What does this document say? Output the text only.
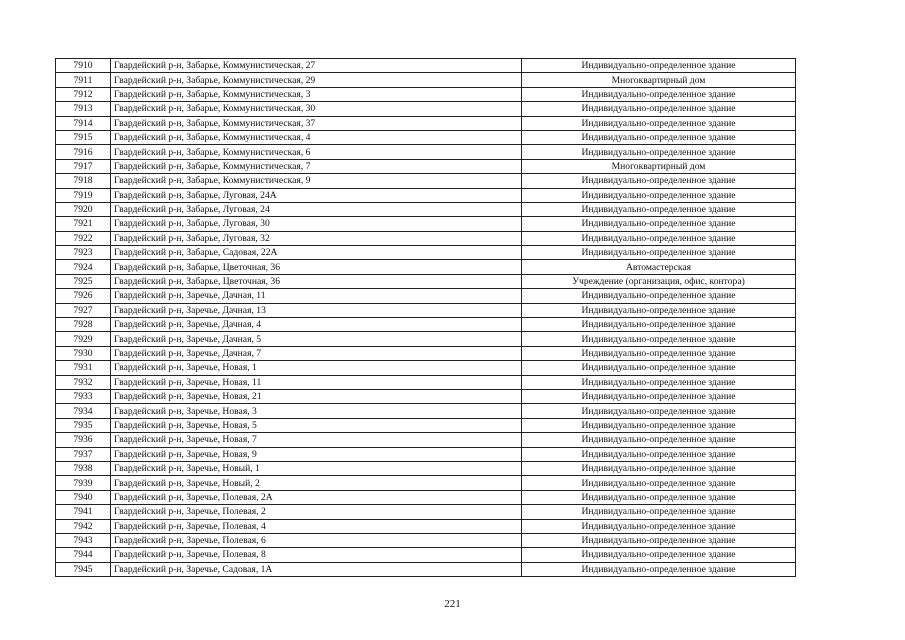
7910	Гвардейский р-н, Забарье, Коммунистическая, 27	Индивидуально-определенное здание
7911	Гвардейский р-н, Забарье, Коммунистическая, 29	Многоквартирный дом
7912	Гвардейский р-н, Забарье, Коммунистическая, 3	Индивидуально-определенное здание
7913	Гвардейский р-н, Забарье, Коммунистическая, 30	Индивидуально-определенное здание
7914	Гвардейский р-н, Забарье, Коммунистическая, 37	Индивидуально-определенное здание
7915	Гвардейский р-н, Забарье, Коммунистическая, 4	Индивидуально-определенное здание
7916	Гвардейский р-н, Забарье, Коммунистическая, 6	Индивидуально-определенное здание
7917	Гвардейский р-н, Забарье, Коммунистическая, 7	Многоквартирный дом
7918	Гвардейский р-н, Забарье, Коммунистическая, 9	Индивидуально-определенное здание
7919	Гвардейский р-н, Забарье, Луговая, 24А	Индивидуально-определенное здание
7920	Гвардейский р-н, Забарье, Луговая, 24	Индивидуально-определенное здание
7921	Гвардейский р-н, Забарье, Луговая, 30	Индивидуально-определенное здание
7922	Гвардейский р-н, Забарье, Луговая, 32	Индивидуально-определенное здание
7923	Гвардейский р-н, Забарье, Садовая, 22А	Индивидуально-определенное здание
7924	Гвардейский р-н, Забарье, Цветочная, 36	Автомастерская
7925	Гвардейский р-н, Забарье, Цветочная, 36	Учреждение (организация, офис, контора)
7926	Гвардейский р-н, Заречье, Дачная, 11	Индивидуально-определенное здание
7927	Гвардейский р-н, Заречье, Дачная, 13	Индивидуально-определенное здание
7928	Гвардейский р-н, Заречье, Дачная, 4	Индивидуально-определенное здание
7929	Гвардейский р-н, Заречье, Дачная, 5	Индивидуально-определенное здание
7930	Гвардейский р-н, Заречье, Дачная, 7	Индивидуально-определенное здание
7931	Гвардейский р-н, Заречье, Новая, 1	Индивидуально-определенное здание
7932	Гвардейский р-н, Заречье, Новая, 11	Индивидуально-определенное здание
7933	Гвардейский р-н, Заречье, Новая, 21	Индивидуально-определенное здание
7934	Гвардейский р-н, Заречье, Новая, 3	Индивидуально-определенное здание
7935	Гвардейский р-н, Заречье, Новая, 5	Индивидуально-определенное здание
7936	Гвардейский р-н, Заречье, Новая, 7	Индивидуально-определенное здание
7937	Гвардейский р-н, Заречье, Новая, 9	Индивидуально-определенное здание
7938	Гвардейский р-н, Заречье, Новый, 1	Индивидуально-определенное здание
7939	Гвардейский р-н, Заречье, Новый, 2	Индивидуально-определенное здание
7940	Гвардейский р-н, Заречье, Полевая, 2А	Индивидуально-определенное здание
7941	Гвардейский р-н, Заречье, Полевая, 2	Индивидуально-определенное здание
7942	Гвардейский р-н, Заречье, Полевая, 4	Индивидуально-определенное здание
7943	Гвардейский р-н, Заречье, Полевая, 6	Индивидуально-определенное здание
7944	Гвардейский р-н, Заречье, Полевая, 8	Индивидуально-определенное здание
7945	Гвардейский р-н, Заречье, Садовая, 1А	Индивидуально-определенное здание
221
